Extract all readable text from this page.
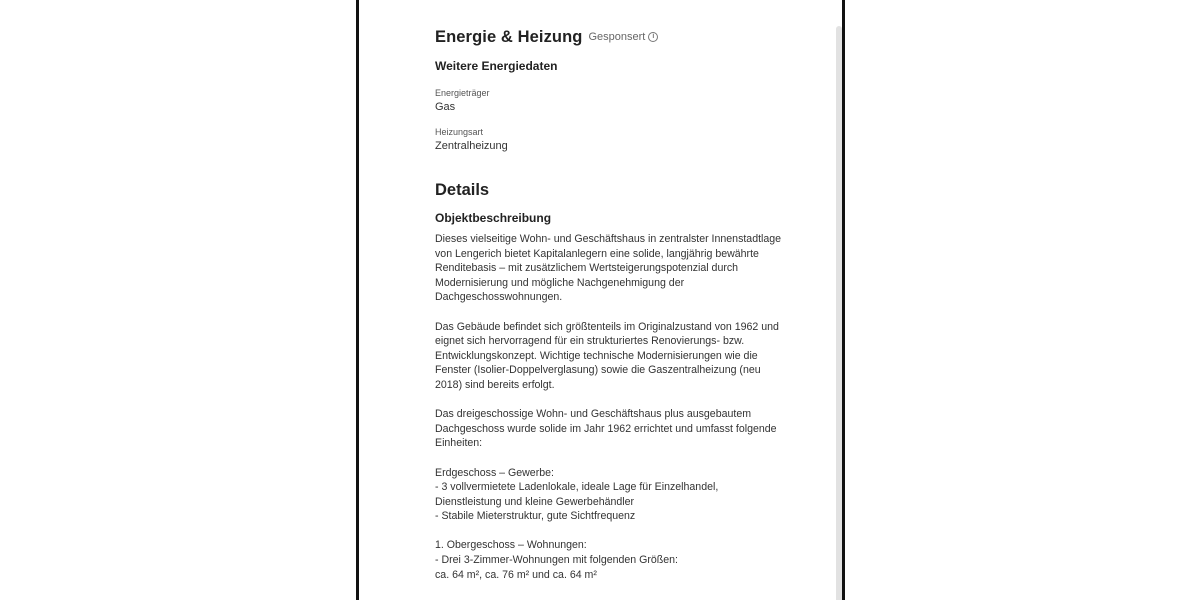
Energie & Heizung Gesponsert	i
Weitere Energiedaten
Energieträger
Gas
Heizungsart
Zentralheizung
Details
Objektbeschreibung
Dieses vielseitige Wohn- und Geschäftshaus in zentralster Innenstadtlage
von Lengerich bietet Kapitalanlegern eine solide, langjährig bewährte
Renditebasis – mit zusätzlichem Wertsteigerungspotenzial durch
Modernisierung und mögliche Nachgenehmigung der
Dachgeschosswohnungen.
Das Gebäude befindet sich größtenteils im Originalzustand von 1962 und
eignet sich hervorragend für ein strukturiertes Renovierungs- bzw.
Entwicklungskonzept. Wichtige technische Modernisierungen wie die
Fenster (Isolier-Doppelverglasung) sowie die Gaszentralheizung (neu
2018) sind bereits erfolgt.
Das dreigeschossige Wohn- und Geschäftshaus plus ausgebautem
Dachgeschoss wurde solide im Jahr 1962 errichtet und umfasst folgende
Einheiten:
Erdgeschoss – Gewerbe:
- 3 vollvermietete Ladenlokale, ideale Lage für Einzelhandel,
Dienstleistung und kleine Gewerbehändler
- Stabile Mieterstruktur, gute Sichtfrequenz
1. Obergeschoss – Wohnungen:
- Drei 3-Zimmer-Wohnungen mit folgenden Größen:
ca. 64 m², ca. 76 m² und ca. 64 m²
